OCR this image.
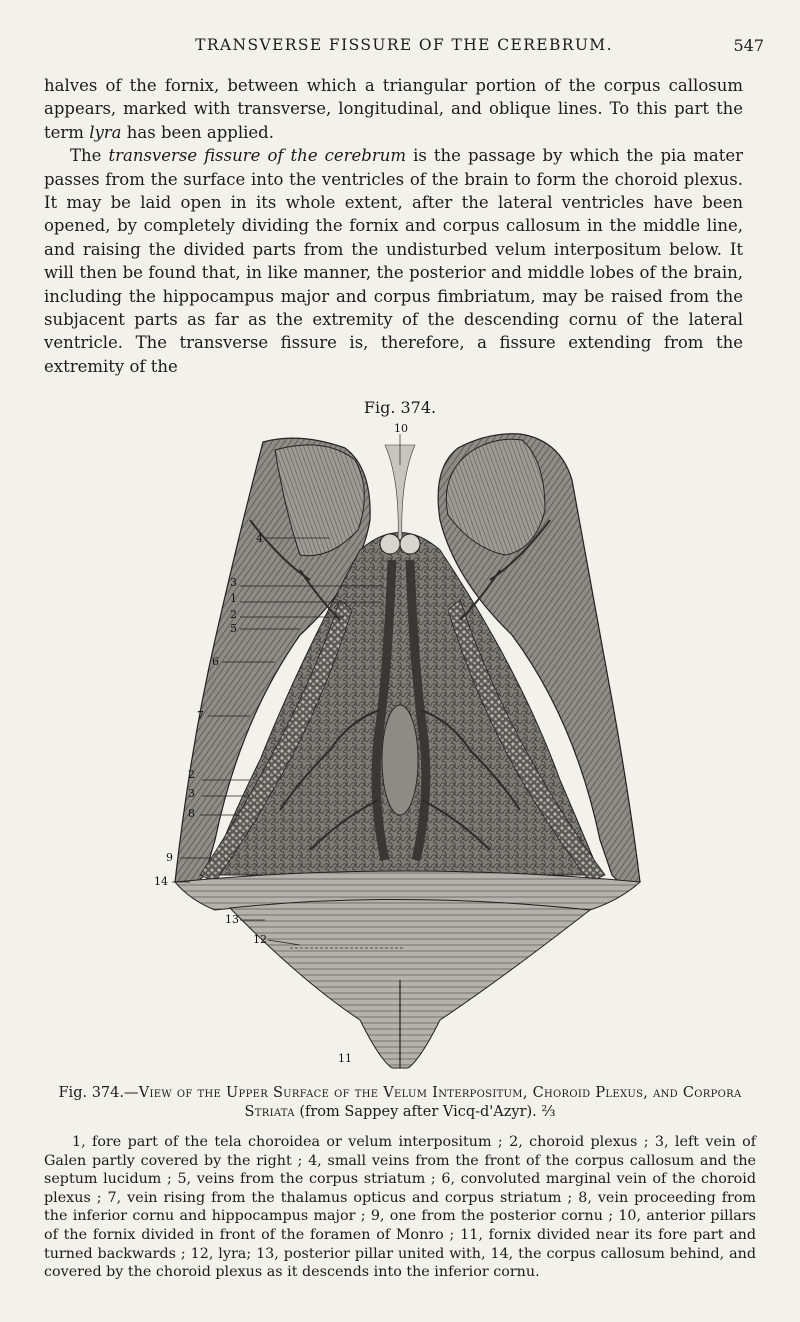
TRANSVERSE FISSURE OF THE CEREBRUM.	547

halves of the fornix, between which a triangular portion of the corpus callosum appears, marked with transverse, longitudinal, and oblique lines. To this part the term lyra has been applied.

The transverse fissure of the cerebrum is the passage by which the pia mater passes from the surface into the ventricles of the brain to form the choroid plexus. It may be laid open in its whole extent, after the lateral ventricles have been opened, by completely dividing the fornix and corpus callosum in the middle line, and raising the divided parts from the undisturbed velum interpositum below. It will then be found that, in like manner, the posterior and middle lobes of the brain, including the hippocampus major and corpus fimbriatum, may be raised from the subjacent parts as far as the extremity of the descending cornu of the lateral ventricle. The transverse fissure is, therefore, a fissure extending from the extremity of the

Fig. 374.
10
4
3
1
2
5
6
7
2
3
8
9
14
13
12
11
Fig. 374.—View of the Upper Surface of the Velum Interpositum, Choroid Plexus, and Corpora Striata (from Sappey after Vicq-d'Azyr). ⅔
1, fore part of the tela choroidea or velum interpositum ; 2, choroid plexus ; 3, left vein of Galen partly covered by the right ; 4, small veins from the front of the corpus callosum and the septum lucidum ; 5, veins from the corpus striatum ; 6, convoluted marginal vein of the choroid plexus ; 7, vein rising from the thalamus opticus and corpus striatum ; 8, vein proceeding from the inferior cornu and hippocampus major ; 9, one from the posterior cornu ; 10, anterior pillars of the fornix divided in front of the foramen of Monro ; 11, fornix divided near its fore part and turned backwards ; 12, lyra; 13, posterior pillar united with, 14, the corpus callosum behind, and covered by the choroid plexus as it descends into the inferior cornu.
